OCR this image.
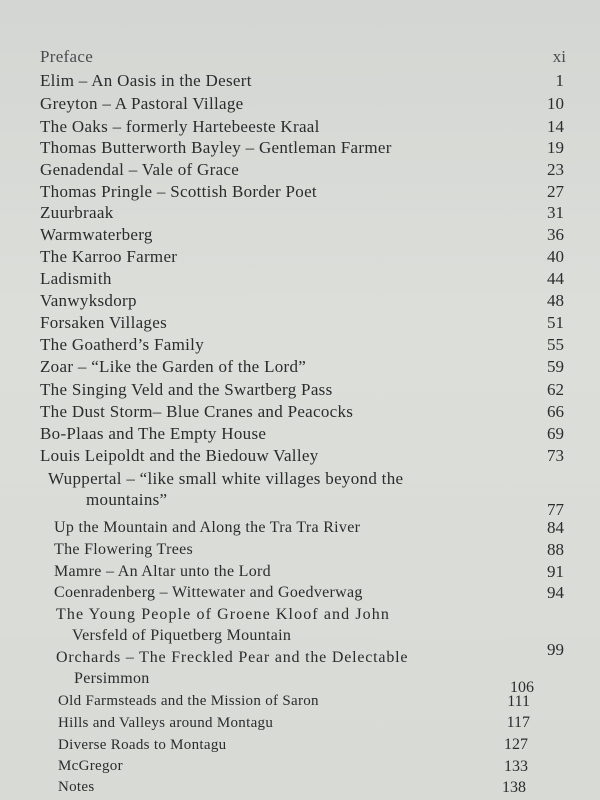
Preface	xi
Elim – An Oasis in the Desert	1
Greyton – A Pastoral Village	10
The Oaks – formerly Hartebeeste Kraal	14
Thomas Butterworth Bayley – Gentleman Farmer	19
Genadendal – Vale of Grace	23
Thomas Pringle – Scottish Border Poet	27
Zuurbraak	31
Warmwaterberg	36
The Karroo Farmer	40
Ladismith	44
Vanwyksdorp	48
Forsaken Villages	51
The Goatherd’s Family	55
Zoar – “Like the Garden of the Lord”	59
The Singing Veld and the Swartberg Pass	62
The Dust Storm– Blue Cranes and Peacocks	66
Bo-Plaas and The Empty House	69
Louis Leipoldt and the Biedouw Valley	73
Wuppertal – “like small white villages beyond the
mountains”
77
Up the Mountain and Along the Tra Tra River	84
The Flowering Trees	88
Mamre – An Altar unto the Lord	91
Coenradenberg – Wittewater and Goedverwag	94
The Young People of Groene Kloof and John
Versfeld of Piquetberg Mountain
99
Orchards – The Freckled Pear and the Delectable
Persimmon
106
Old Farmsteads and the Mission of Saron	111
Hills and Valleys around Montagu	117
Diverse Roads to Montagu	127
McGregor	133
Notes	138
